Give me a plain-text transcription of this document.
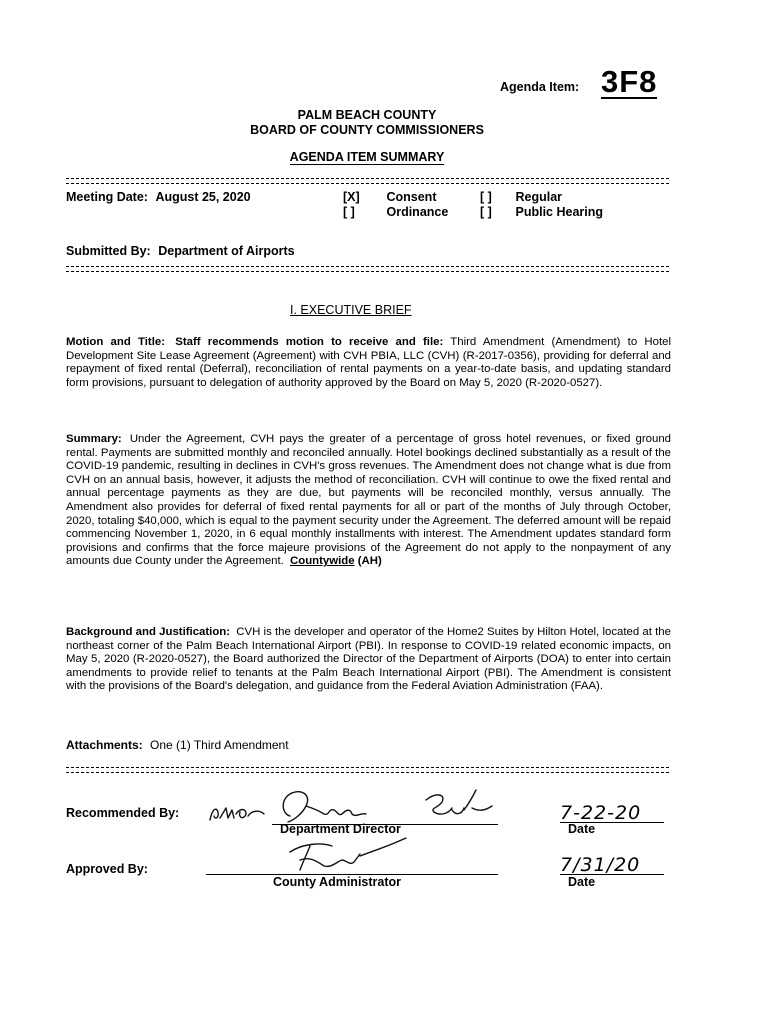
Agenda Item: 3F8
PALM BEACH COUNTY
BOARD OF COUNTY COMMISSIONERS
AGENDA ITEM SUMMARY
Meeting Date: August 25, 2020	[X] Consent
[ ]	Ordinance
[ ] Regular
[ ] Public Hearing
Submitted By: Department of Airports
I. EXECUTIVE BRIEF
Motion and Title: Staff recommends motion to receive and file: Third Amendment (Amendment) to Hotel Development Site Lease Agreement (Agreement) with CVH PBIA, LLC (CVH) (R-2017-0356), providing for deferral and repayment of fixed rental (Deferral), reconciliation of rental payments on a year-to-date basis, and updating standard form provisions, pursuant to delegation of authority approved by the Board on May 5, 2020 (R-2020-0527).
Summary: Under the Agreement, CVH pays the greater of a percentage of gross hotel revenues, or fixed ground rental. Payments are submitted monthly and reconciled annually. Hotel bookings declined substantially as a result of the COVID-19 pandemic, resulting in declines in CVH's gross revenues. The Amendment does not change what is due from CVH on an annual basis, however, it adjusts the method of reconciliation. CVH will continue to owe the fixed rental and annual percentage payments as they are due, but payments will be reconciled monthly, versus annually. The Amendment also provides for deferral of fixed rental payments for all or part of the months of July through October, 2020, totaling $40,000, which is equal to the payment security under the Agreement. The deferred amount will be repaid commencing November 1, 2020, in 6 equal monthly installments with interest. The Amendment updates standard form provisions and confirms that the force majeure provisions of the Agreement do not apply to the nonpayment of any amounts due County under the Agreement. Countywide (AH)
Background and Justification: CVH is the developer and operator of the Home2 Suites by Hilton Hotel, located at the northeast corner of the Palm Beach International Airport (PBI). In response to COVID-19 related economic impacts, on May 5, 2020 (R-2020-0527), the Board authorized the Director of the Department of Airports (DOA) to enter into certain amendments to provide relief to tenants at the Palm Beach International Airport (PBI). The Amendment is consistent with the provisions of the Board's delegation, and guidance from the Federal Aviation Administration (FAA).
Attachments: One (1) Third Amendment
Recommended By:
Department Director
7-22-20
Date
Approved By:
County Administrator
7/31/20
Date
